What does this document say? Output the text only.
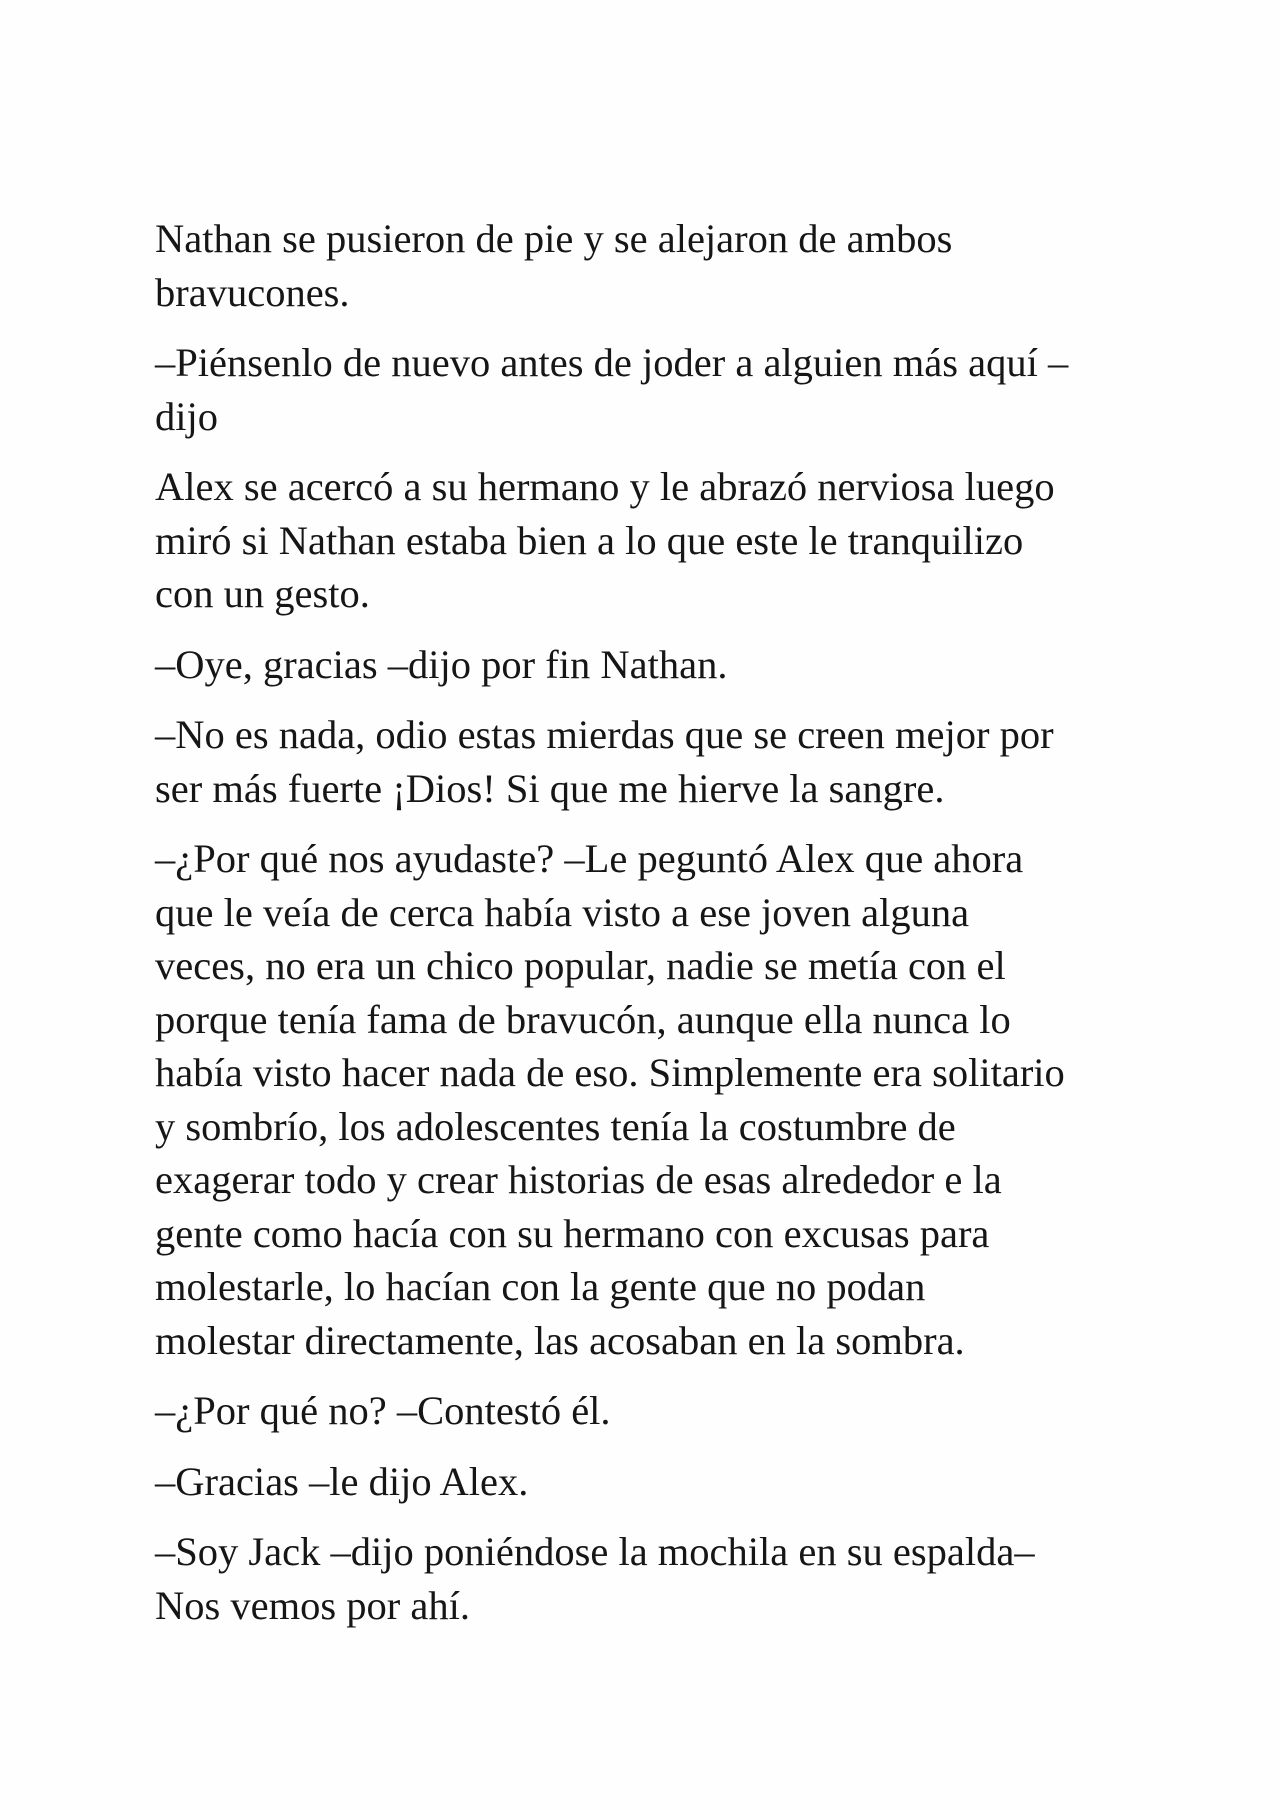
Nathan se pusieron de pie y se alejaron de ambos
bravucones.

–Piénsenlo de nuevo antes de joder a alguien más aquí –
dijo

Alex se acercó a su hermano y le abrazó nerviosa luego
miró si Nathan estaba bien a lo que este le tranquilizo
con un gesto.

–Oye, gracias –dijo por fin Nathan.

–No es nada, odio estas mierdas que se creen mejor por
ser más fuerte ¡Dios! Si que me hierve la sangre.

–¿Por qué nos ayudaste? –Le peguntó Alex que ahora
que le veía de cerca había visto a ese joven alguna
veces, no era un chico popular, nadie se metía con el
porque tenía fama de bravucón, aunque ella nunca lo
había visto hacer nada de eso. Simplemente era solitario
y sombrío, los adolescentes tenía la costumbre de
exagerar todo y crear historias de esas alrededor e la
gente como hacía con su hermano con excusas para
molestarle, lo hacían con la gente que no podan
molestar directamente, las acosaban en la sombra.

–¿Por qué no? –Contestó él.

–Gracias –le dijo Alex.

–Soy Jack –dijo poniéndose la mochila en su espalda–
Nos vemos por ahí.
